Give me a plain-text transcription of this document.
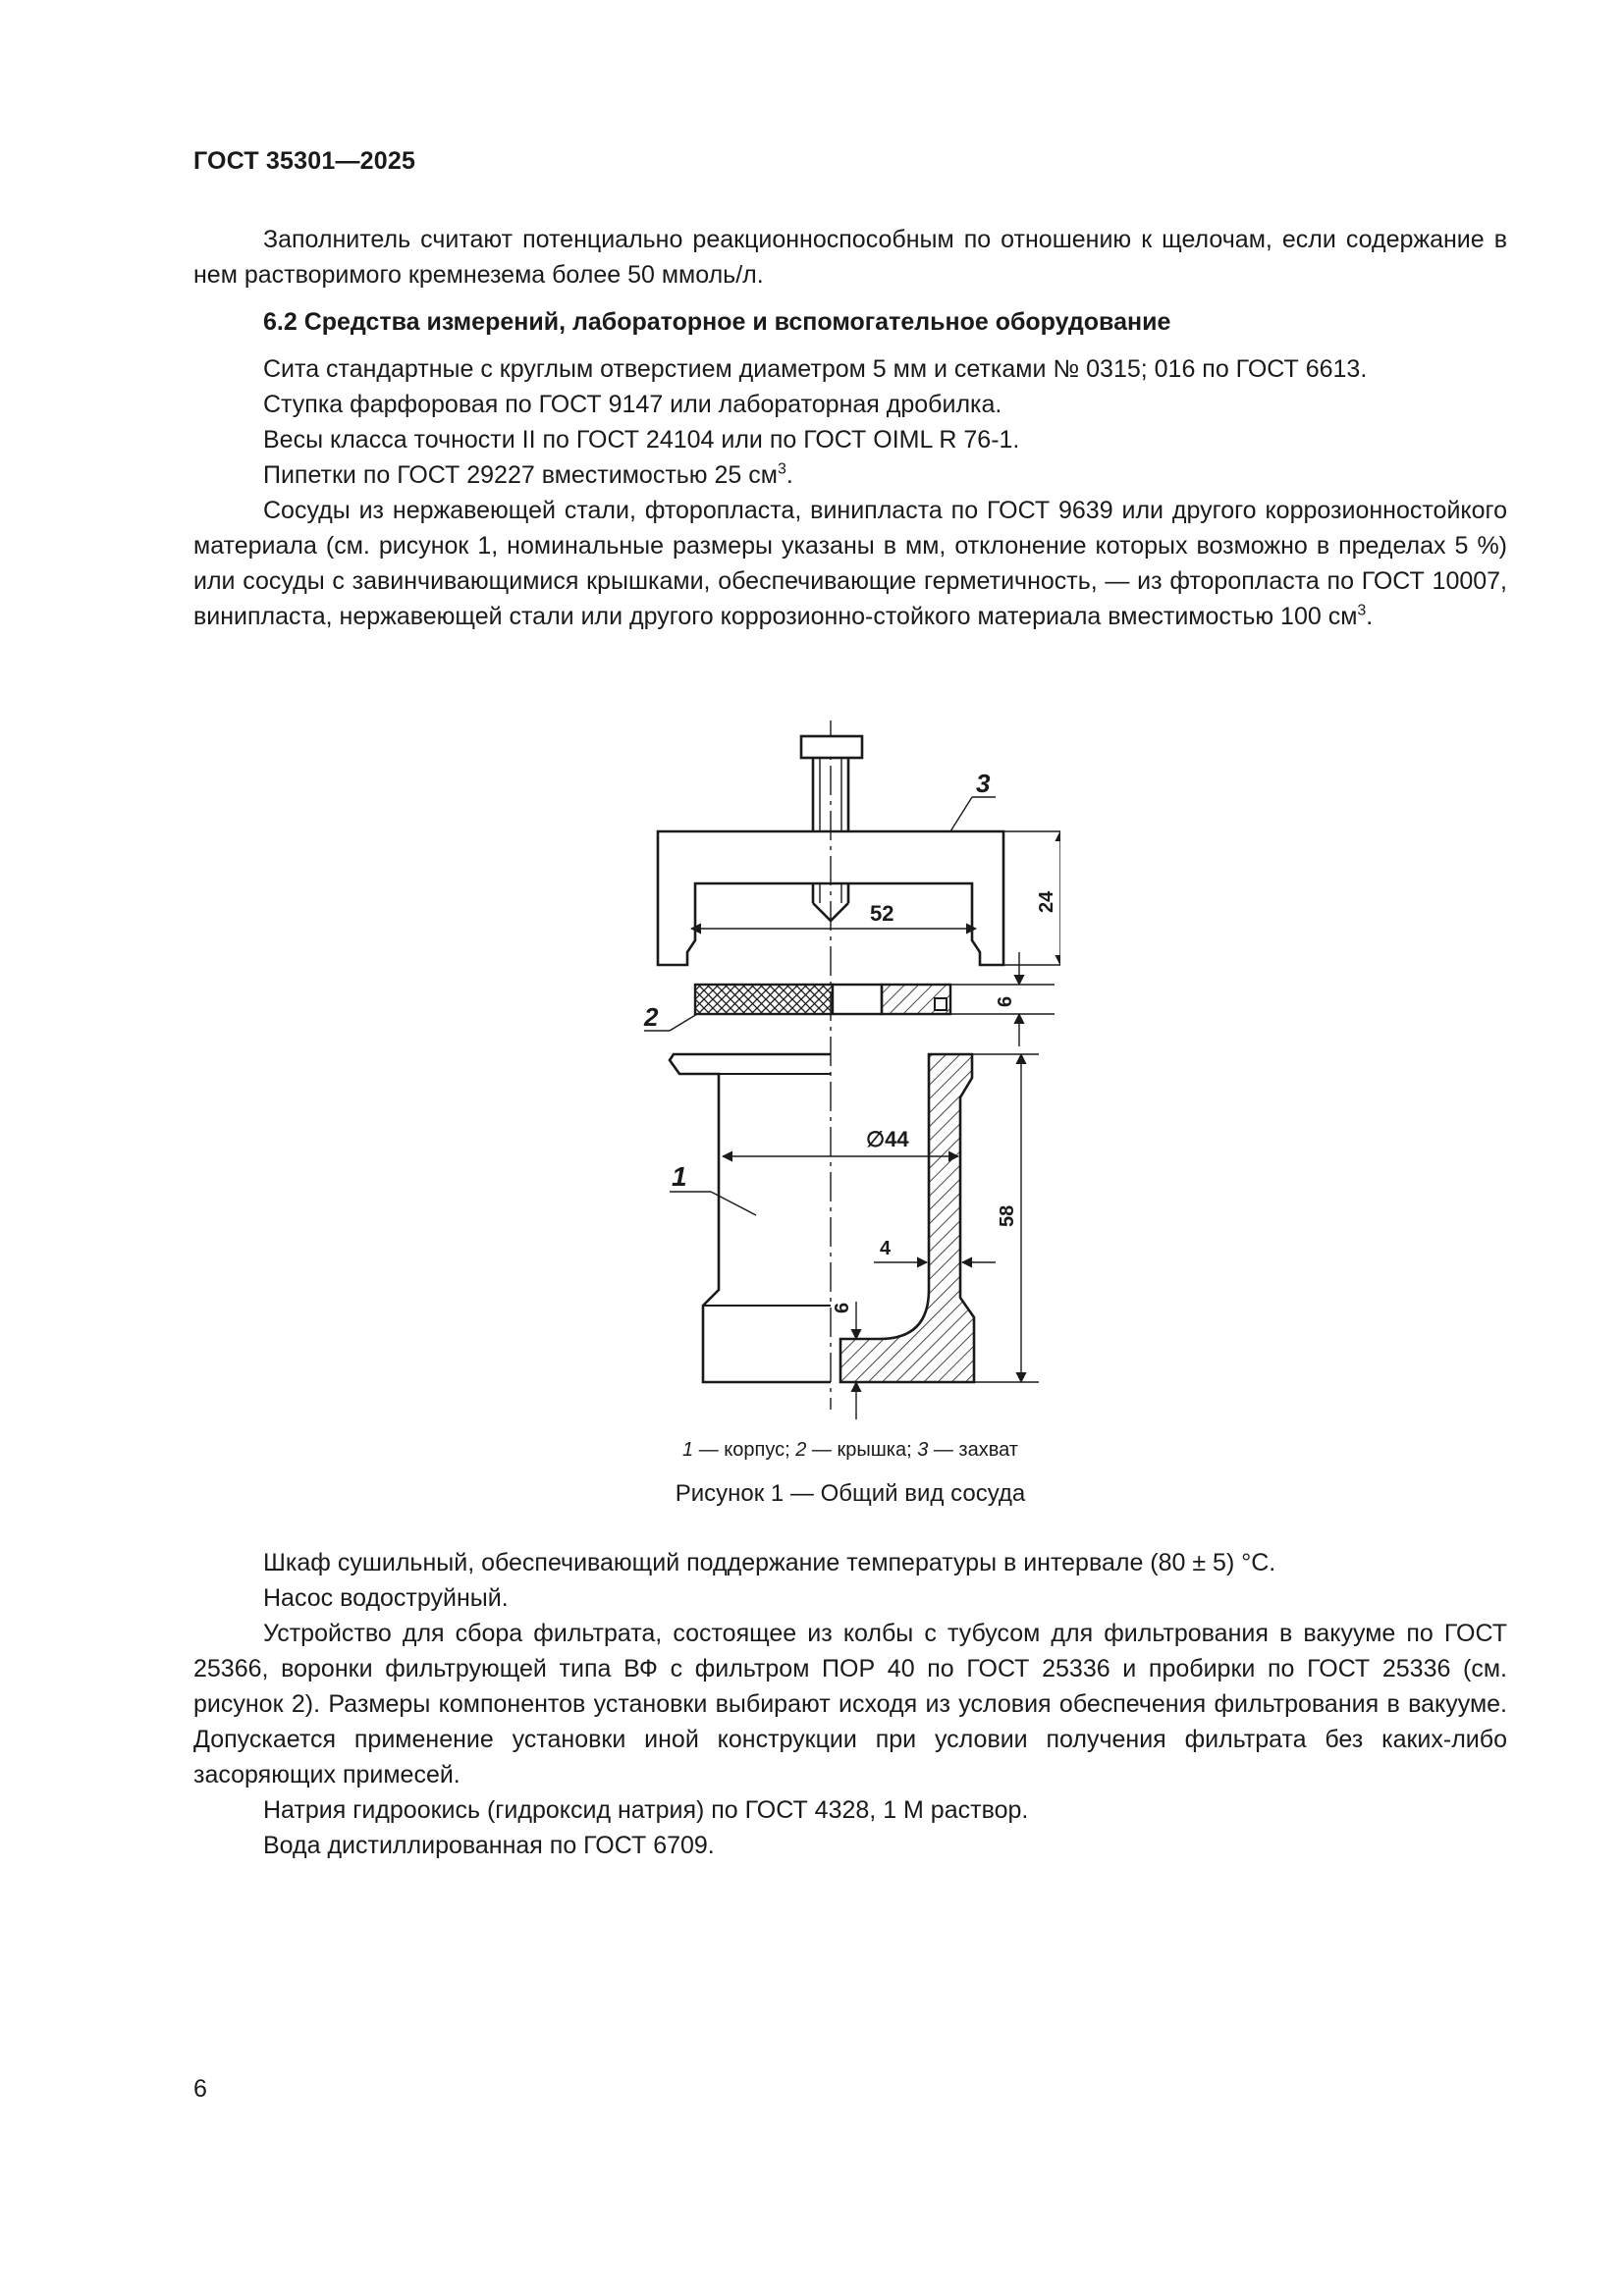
ГОСТ 35301—2025

Заполнитель считают потенциально реакционноспособным по отношению к щелочам, если содержание в нем растворимого кремнезема более 50 ммоль/л.

6.2 Средства измерений, лабораторное и вспомогательное оборудование

Сита стандартные с круглым отверстием диаметром 5 мм и сетками № 0315; 016 по ГОСТ 6613.

Ступка фарфоровая по ГОСТ 9147 или лабораторная дробилка.

Весы класса точности II по ГОСТ 24104 или по ГОСТ OIML R 76-1.

Пипетки по ГОСТ 29227 вместимостью 25 $см^3$.

Сосуды из нержавеющей стали, фторопласта, винипласта по ГОСТ 9639 или другого коррозионностойкого материала (см. рисунок 1, номинальные размеры указаны в мм, отклонение которых возможно в пределах 5 %) или сосуды с завинчивающимися крышками, обеспечивающие герметичность, — из фторопласта по ГОСТ 10007, винипласта, нержавеющей стали или другого коррозионно-стойкого материала вместимостью 100 $см^3$.

3
52	24
2
6
1
∅44
58
4
6
1 — корпус; 2 — крышка; 3 — захват
Рисунок 1 — Общий вид сосуда

Шкаф сушильный, обеспечивающий поддержание температуры в интервале (80 ± 5) °С.

Насос водоструйный.

Устройство для сбора фильтрата, состоящее из колбы с тубусом для фильтрования в вакууме по ГОСТ 25366, воронки фильтрующей типа ВФ с фильтром ПОР 40 по ГОСТ 25336 и пробирки по ГОСТ 25336 (см. рисунок 2). Размеры компонентов установки выбирают исходя из условия обеспечения фильтрования в вакууме. Допускается применение установки иной конструкции при условии получения фильтрата без каких-либо засоряющих примесей.

Натрия гидроокись (гидроксид натрия) по ГОСТ 4328, 1 М раствор.

Вода дистиллированная по ГОСТ 6709.

6
